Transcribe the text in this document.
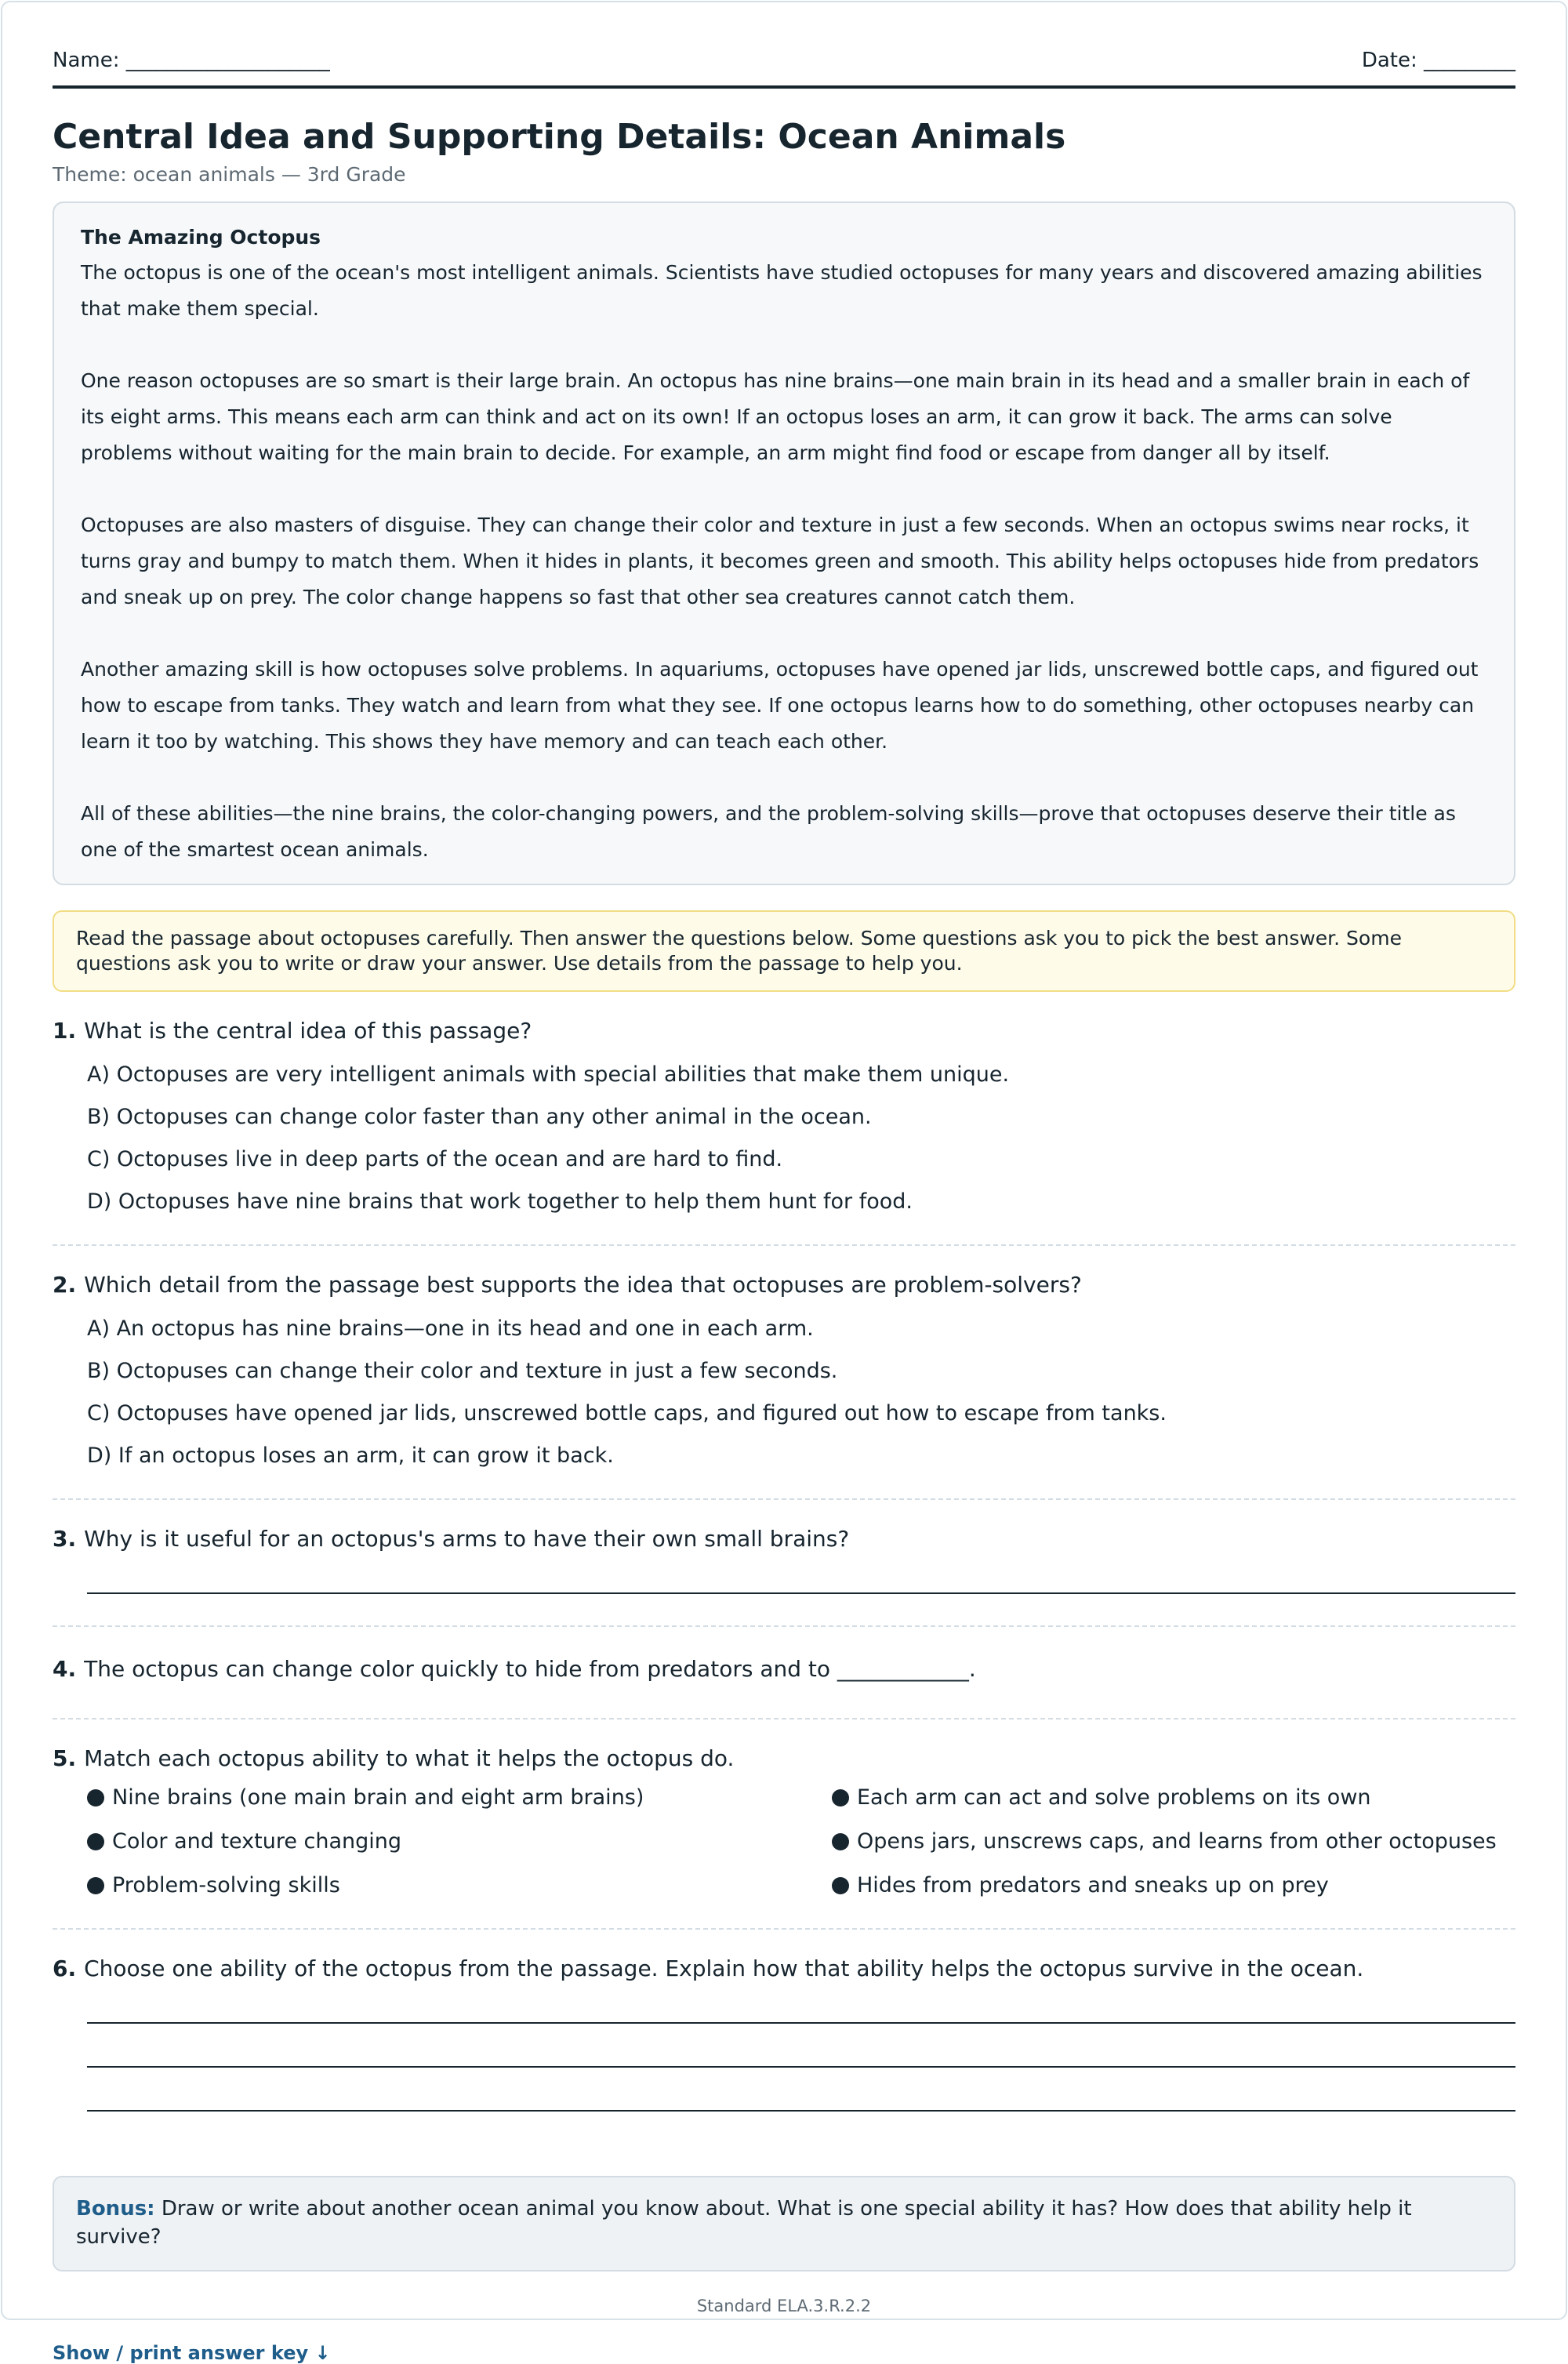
Name: ____________________	Date: _________
Central Idea and Supporting Details: Ocean Animals
Theme: ocean animals — 3rd Grade
The Amazing Octopus

The octopus is one of the ocean's most intelligent animals. Scientists have studied octopuses for many years and discovered amazing abilities that make them special.

One reason octopuses are so smart is their large brain. An octopus has nine brains—one main brain in its head and a smaller brain in each of its eight arms. This means each arm can think and act on its own! If an octopus loses an arm, it can grow it back. The arms can solve problems without waiting for the main brain to decide. For example, an arm might find food or escape from danger all by itself.

Octopuses are also masters of disguise. They can change their color and texture in just a few seconds. When an octopus swims near rocks, it turns gray and bumpy to match them. When it hides in plants, it becomes green and smooth. This ability helps octopuses hide from predators and sneak up on prey. The color change happens so fast that other sea creatures cannot catch them.

Another amazing skill is how octopuses solve problems. In aquariums, octopuses have opened jar lids, unscrewed bottle caps, and figured out how to escape from tanks. They watch and learn from what they see. If one octopus learns how to do something, other octopuses nearby can learn it too by watching. This shows they have memory and can teach each other.

All of these abilities—the nine brains, the color-changing powers, and the problem-solving skills—prove that octopuses deserve their title as one of the smartest ocean animals.

Read the passage about octopuses carefully. Then answer the questions below. Some questions ask you to pick the best answer. Some questions ask you to write or draw your answer. Use details from the passage to help you.
1. What is the central idea of this passage?
A) Octopuses are very intelligent animals with special abilities that make them unique.
B) Octopuses can change color faster than any other animal in the ocean.
C) Octopuses live in deep parts of the ocean and are hard to find.
D) Octopuses have nine brains that work together to help them hunt for food.
2. Which detail from the passage best supports the idea that octopuses are problem-solvers?
A) An octopus has nine brains—one in its head and one in each arm.
B) Octopuses can change their color and texture in just a few seconds.
C) Octopuses have opened jar lids, unscrewed bottle caps, and figured out how to escape from tanks.
D) If an octopus loses an arm, it can grow it back.
3. Why is it useful for an octopus's arms to have their own small brains?
4. The octopus can change color quickly to hide from predators and to ____________.
5. Match each octopus ability to what it helps the octopus do.
Nine brains (one main brain and eight arm brains)	Each arm can act and solve problems on its own
Color and texture changing	Opens jars, unscrews caps, and learns from other octopuses
Problem-solving skills	Hides from predators and sneaks up on prey
6. Choose one ability of the octopus from the passage. Explain how that ability helps the octopus survive in the ocean.
Bonus: Draw or write about another ocean animal you know about. What is one special ability it has? How does that ability help it survive?
Standard ELA.3.R.2.2
Show / print answer key ↓
